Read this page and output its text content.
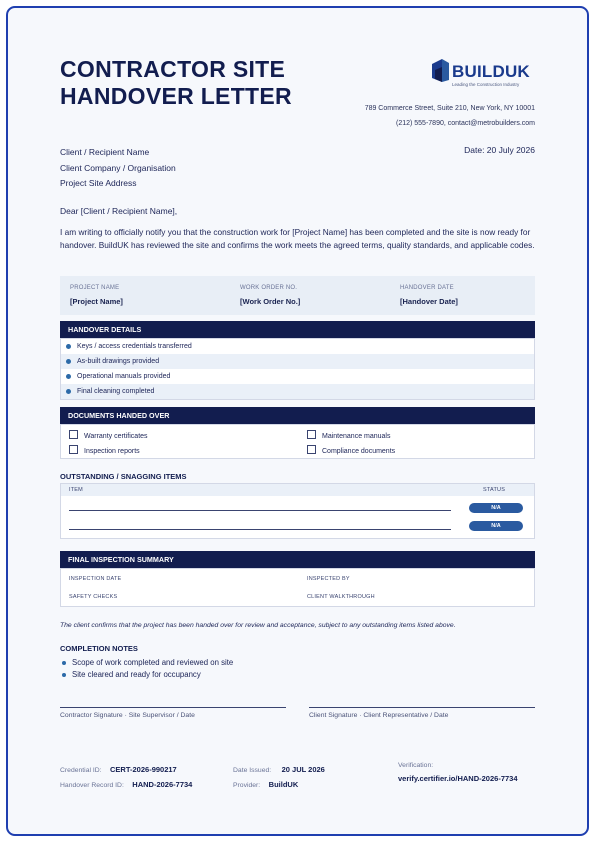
CONTRACTOR SITE
HANDOVER LETTER
BUILDUK
Leading the Construction Industry
789 Commerce Street, Suite 210, New York, NY 10001
(212) 555-7890, contact@metrobuilders.com
Client / Recipient Name
Client Company / Organisation
Project Site Address
Date: 20 July 2026
Dear [Client / Recipient Name],
I am writing to officially notify you that the construction work for [Project Name] has been completed and the site is now ready for handover. BuildUK has reviewed the site and confirms the work meets the agreed terms, quality standards, and applicable codes.
PROJECT NAME
[Project Name]
WORK ORDER NO.
[Work Order No.]
HANDOVER DATE
[Handover Date]
HANDOVER DETAILS
Keys / access credentials transferred
As-built drawings provided
Operational manuals provided
Final cleaning completed
DOCUMENTS HANDED OVER
Warranty certificates	Maintenance manuals
Inspection reports	Compliance documents
OUTSTANDING / SNAGGING ITEMS
ITEM	STATUS
N/A
N/A
FINAL INSPECTION SUMMARY
INSPECTION DATE	INSPECTED BY
SAFETY CHECKS	CLIENT WALKTHROUGH
The client confirms that the project has been handed over for review and acceptance, subject to any outstanding items listed above.
COMPLETION NOTES
Scope of work completed and reviewed on site
Site cleared and ready for occupancy
Contractor Signature · Site Supervisor / Date	Client Signature · Client Representative / Date
Credential ID: CERT-2026-990217
Handover Record ID: HAND-2026-7734
Date Issued: 20 JUL 2026
Provider: BuildUK
Verification:
verify.certifier.io/HAND-2026-7734
